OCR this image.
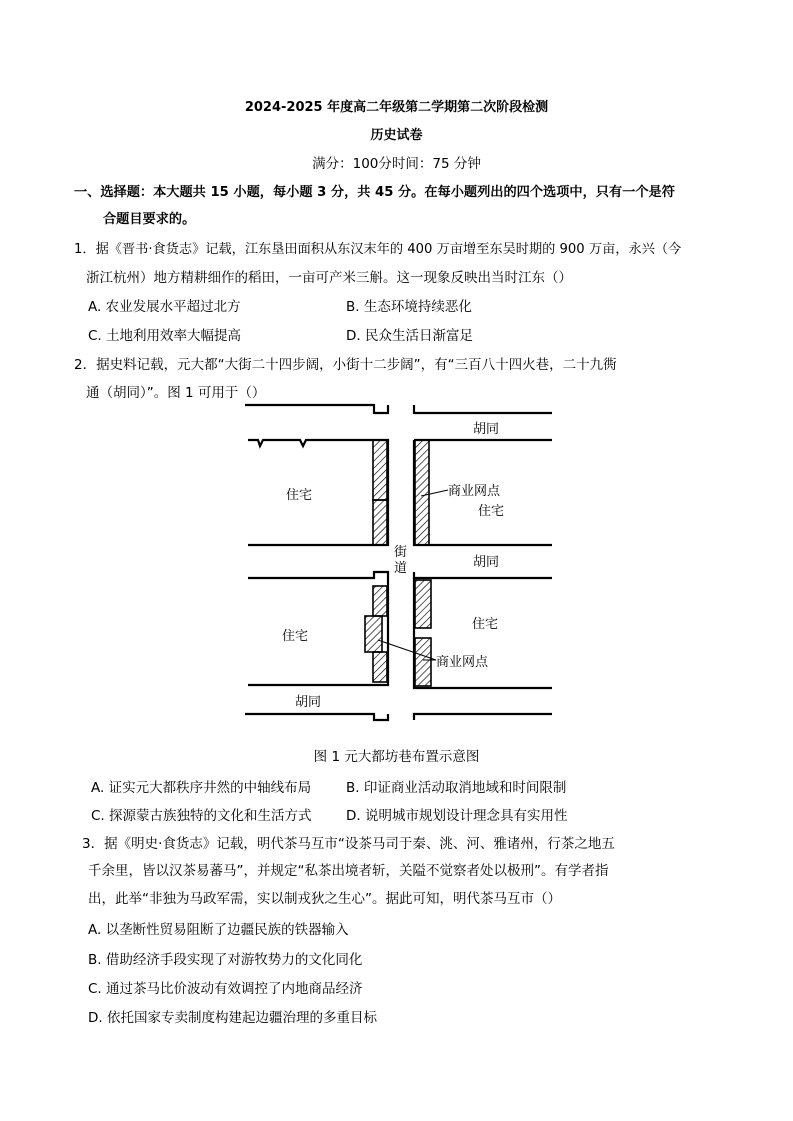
2024-2025 年度高二年级第二学期第二次阶段检测
历史试卷
满分：100分时间：75 分钟
一、选择题：本大题共 15 小题，每小题 3 分，共 45 分。在每小题列出的四个选项中，只有一个是符
合题目要求的。
1．据《晋书·食货志》记载，江东垦田面积从东汉末年的 400 万亩增至东吴时期的 900 万亩，永兴（今
浙江杭州）地方精耕细作的稻田，一亩可产米三斛。这一现象反映出当时江东（）
A. 农业发展水平超过北方	B. 生态环境持续恶化
C. 土地利用效率大幅提高	D. 民众生活日渐富足
2．据史料记载，元大都“大街二十四步阔，小街十二步阔”，有“三百八十四火巷，二十九衖
通（胡同）”。图 1 可用于（）
胡同
住宅	商业网点
住宅
街
道	胡同
住宅
住宅
商业网点
胡同
图 1 元大都坊巷布置示意图
A. 证实元大都秩序井然的中轴线布局	B. 印证商业活动取消地域和时间限制
C. 探源蒙古族独特的文化和生活方式	D. 说明城市规划设计理念具有实用性
3．据《明史·食货志》记载，明代茶马互市“设茶马司于秦、洮、河、雅诸州，行茶之地五
千余里，皆以汉茶易蕃马”，并规定“私茶出境者斩，关隘不觉察者处以极刑”。有学者指
出，此举“非独为马政军需，实以制戎狄之生心”。据此可知，明代茶马互市（）
A. 以垄断性贸易阻断了边疆民族的铁器输入
B. 借助经济手段实现了对游牧势力的文化同化
C. 通过茶马比价波动有效调控了内地商品经济
D. 依托国家专卖制度构建起边疆治理的多重目标
